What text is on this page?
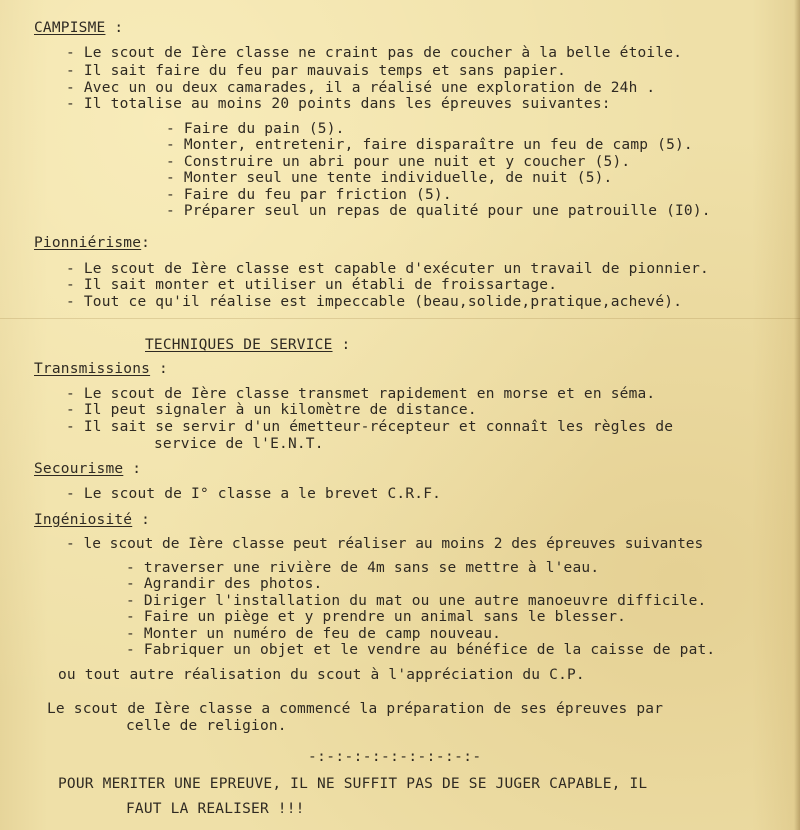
CAMPISME :
- Le scout de Ière classe ne craint pas de coucher à la belle étoile.
- Il sait faire du feu par mauvais temps et sans papier.
- Avec un ou deux camarades, il a réalisé une exploration de 24h .
- Il totalise au moins 20 points dans les épreuves suivantes:
- Faire du pain (5).
- Monter, entretenir, faire disparaître un feu de camp (5).
- Construire un abri pour une nuit et y coucher (5).
- Monter seul une tente individuelle, de nuit (5).
- Faire du feu par friction (5).
- Préparer seul un repas de qualité pour une patrouille (I0).
Pionniérisme:
- Le scout de Ière classe est capable d'exécuter un travail de pionnier.
- Il sait monter et utiliser un établi de froissartage.
- Tout ce qu'il réalise est impeccable (beau,solide,pratique,achevé).
TECHNIQUES DE SERVICE :
Transmissions :
- Le scout de Ière classe transmet rapidement en morse et en séma.
- Il peut signaler à un kilomètre de distance.
- Il sait se servir d'un émetteur-récepteur et connaît les règles de
service de l'E.N.T.
Secourisme :
- Le scout de I° classe a le brevet C.R.F.
Ingéniosité :
- le scout de Ière classe peut réaliser au moins 2 des épreuves suivantes
- traverser une rivière de 4m sans se mettre à l'eau.
- Agrandir des photos.
- Diriger l'installation du mat ou une autre manoeuvre difficile.
- Faire un piège et y prendre un animal sans le blesser.
- Monter un numéro de feu de camp nouveau.
- Fabriquer un objet et le vendre au bénéfice de la caisse de pat.
ou tout autre réalisation du scout à l'appréciation du C.P.
Le scout de Ière classe a commencé la préparation de ses épreuves par
celle de religion.
-:-:-:-:-:-:-:-:-:-
POUR MERITER UNE EPREUVE, IL NE SUFFIT PAS DE SE JUGER CAPABLE, IL
FAUT LA REALISER !!!
